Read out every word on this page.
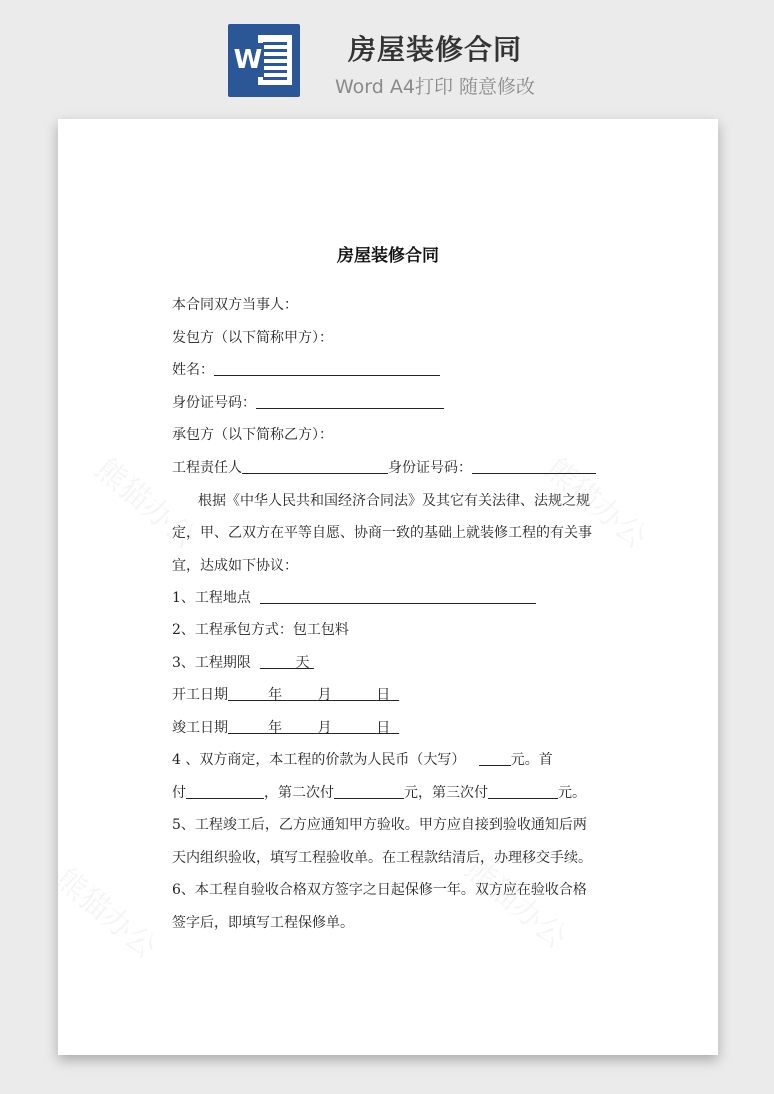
W	房屋装修合同
Word A4打印 随意修改
房屋装修合同
本合同双方当事人：
发包方（以下简称甲方）：
姓名：
身份证号码：
承包方（以下简称乙方）：
工程责任人	身份证号码：
根据《中华人民共和国经济合同法》及其它有关法律、法规之规
定，甲、乙双方在平等自愿、协商一致的基础上就装修工程的有关事
宜，达成如下协议：
1、工程地点
2、工程承包方式：包工包料
3、工程期限	天
开工日期	年	月	日
竣工日期	年	月	日
4 、双方商定，本工程的价款为人民币（大写）	元。首
付	，第二次付	元，第三次付	元。
5、工程竣工后，乙方应通知甲方验收。甲方应自接到验收通知后两
天内组织验收，填写工程验收单。在工程款结清后，办理移交手续。
6、本工程自验收合格双方签字之日起保修一年。双方应在验收合格
签字后，即填写工程保修单。
